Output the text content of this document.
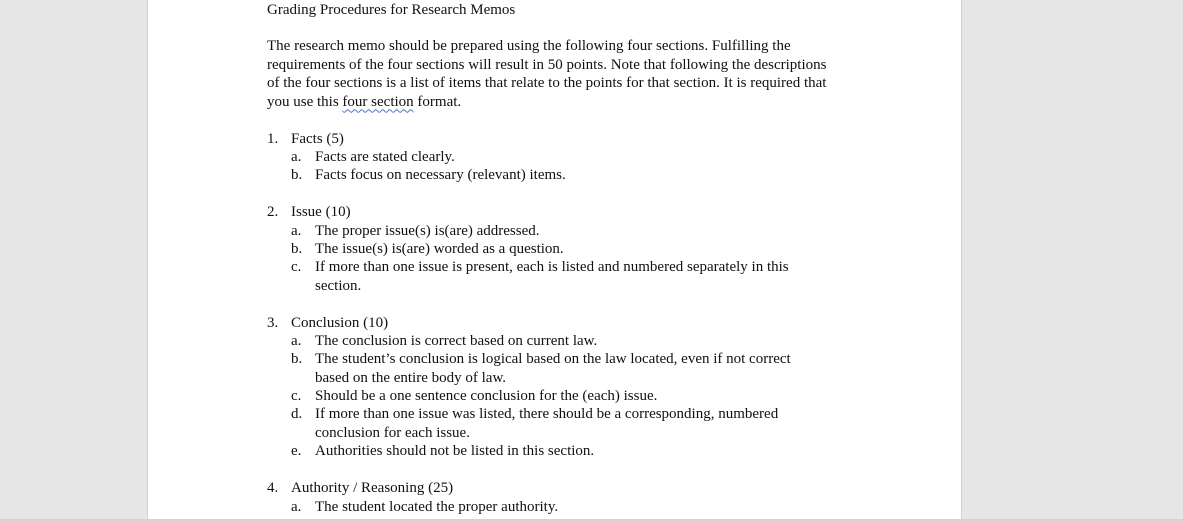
Grading Procedures for Research Memos
The research memo should be prepared using the following four sections. Fulfilling the requirements of the four sections will result in 50 points. Note that following the descriptions of the four sections is a list of items that relate to the points for that section. It is required that you use this four section format.
1. Facts (5)
a. Facts are stated clearly.
b. Facts focus on necessary (relevant) items.
2. Issue (10)
a. The proper issue(s) is(are) addressed.
b. The issue(s) is(are) worded as a question.
c. If more than one issue is present, each is listed and numbered separately in this section.
3. Conclusion (10)
a. The conclusion is correct based on current law.
b. The student’s conclusion is logical based on the law located, even if not correct based on the entire body of law.
c. Should be a one sentence conclusion for the (each) issue.
d. If more than one issue was listed, there should be a corresponding, numbered conclusion for each issue.
e. Authorities should not be listed in this section.
4. Authority / Reasoning (25)
a. The student located the proper authority.
